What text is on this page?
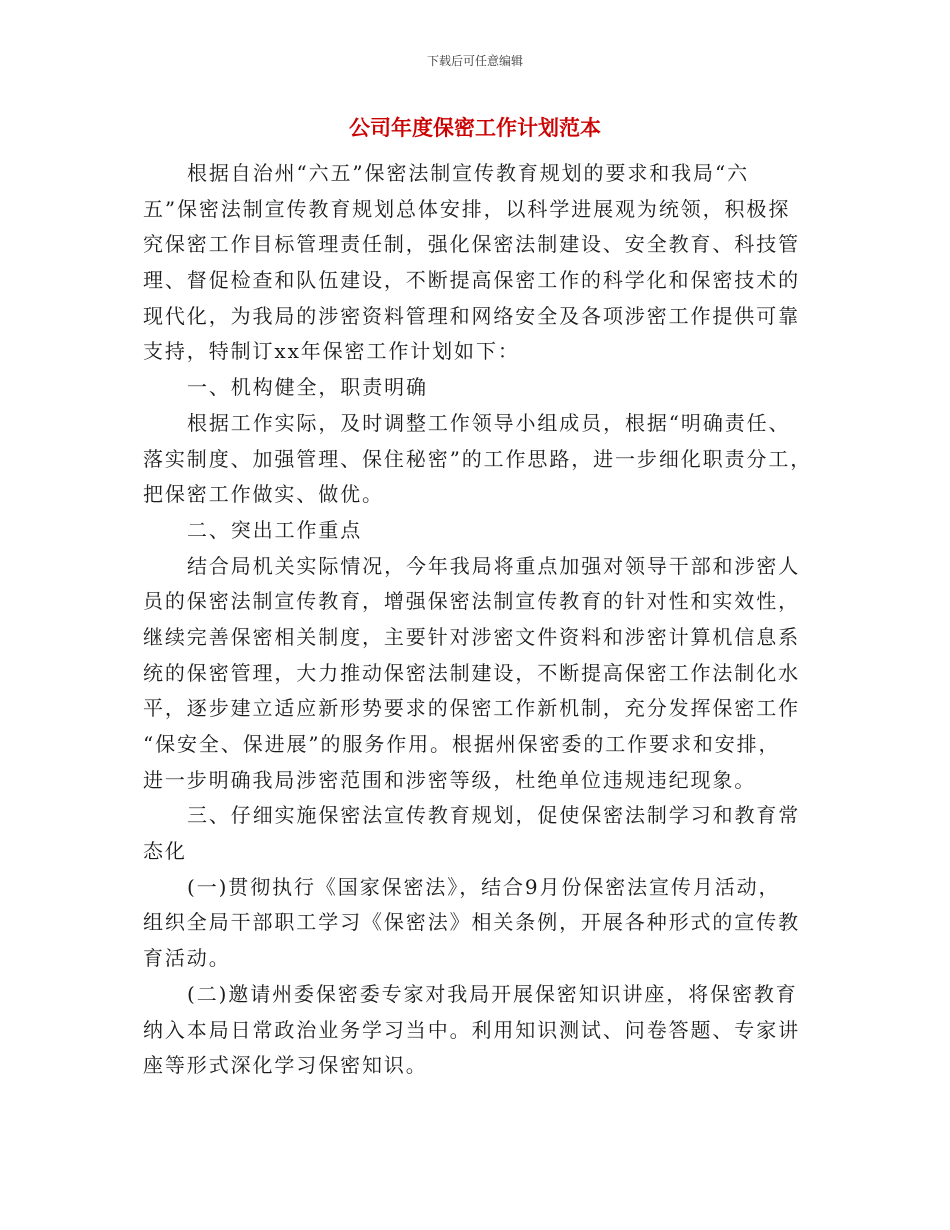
下载后可任意编辑
公司年度保密工作计划范本
根据自治州“六五”保密法制宣传教育规划的要求和我局“六
五”保密法制宣传教育规划总体安排，以科学进展观为统领，积极探
究保密工作目标管理责任制，强化保密法制建设、安全教育、科技管
理、督促检查和队伍建设，不断提高保密工作的科学化和保密技术的
现代化，为我局的涉密资料管理和网络安全及各项涉密工作提供可靠
支持，特制订xx年保密工作计划如下：
一、机构健全，职责明确
根据工作实际，及时调整工作领导小组成员，根据“明确责任、
落实制度、加强管理、保住秘密”的工作思路，进一步细化职责分工，
把保密工作做实、做优。
二、突出工作重点
结合局机关实际情况，今年我局将重点加强对领导干部和涉密人
员的保密法制宣传教育，增强保密法制宣传教育的针对性和实效性，
继续完善保密相关制度，主要针对涉密文件资料和涉密计算机信息系
统的保密管理，大力推动保密法制建设，不断提高保密工作法制化水
平，逐步建立适应新形势要求的保密工作新机制，充分发挥保密工作
“保安全、保进展”的服务作用。根据州保密委的工作要求和安排，
进一步明确我局涉密范围和涉密等级，杜绝单位违规违纪现象。
三、仔细实施保密法宣传教育规划，促使保密法制学习和教育常
态化
(一)贯彻执行《国家保密法》，结合9月份保密法宣传月活动，
组织全局干部职工学习《保密法》相关条例，开展各种形式的宣传教
育活动。
(二)邀请州委保密委专家对我局开展保密知识讲座，将保密教育
纳入本局日常政治业务学习当中。利用知识测试、问卷答题、专家讲
座等形式深化学习保密知识。
